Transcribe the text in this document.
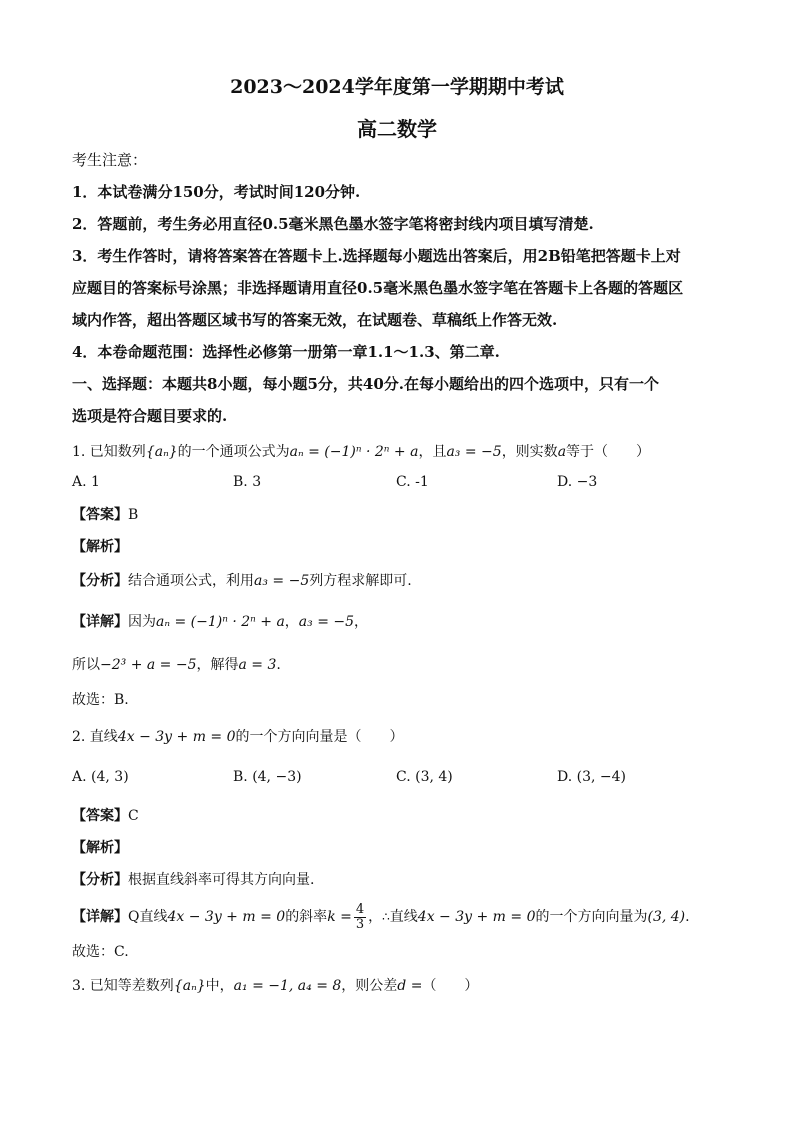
2023～2024学年度第一学期期中考试
高二数学
考生注意：
1．本试卷满分150分，考试时间120分钟.
2．答题前，考生务必用直径0.5毫米黑色墨水签字笔将密封线内项目填写清楚.
3．考生作答时，请将答案答在答题卡上.选择题每小题选出答案后，用2B铅笔把答题卡上对
应题目的答案标号涂黑；非选择题请用直径0.5毫米黑色墨水签字笔在答题卡上各题的答题区
域内作答，超出答题区域书写的答案无效，在试题卷、草稿纸上作答无效.
4．本卷命题范围：选择性必修第一册第一章1.1～1.3、第二章.
一、选择题：本题共8小题，每小题5分，共40分.在每小题给出的四个选项中，只有一个
选项是符合题目要求的.
1. 已知数列{aₙ}的一个通项公式为aₙ = (−1)ⁿ · 2ⁿ + a，且a₃ = −5，则实数a等于（　　）
A. 1	B. 3	C. -1	D. −3
【答案】B
【解析】
【分析】结合通项公式，利用a₃ = −5列方程求解即可.
【详解】因为aₙ = (−1)ⁿ · 2ⁿ + a，a₃ = −5，
所以−2³ + a = −5，解得a = 3.
故选：B.
2. 直线4x − 3y + m = 0的一个方向向量是（　　）
A. (4, 3)	B. (4, −3)	C. (3, 4)	D. (3, −4)
【答案】C
【解析】
【分析】根据直线斜率可得其方向向量.
【详解】Q直线4x − 3y + m = 0的斜率$k = \frac{4}{3}$ ，∴直线4x − 3y + m = 0的一个方向向量为(3, 4).
故选：C.
3. 已知等差数列{aₙ}中，a₁ = −1, a₄ = 8，则公差d =（　　）
